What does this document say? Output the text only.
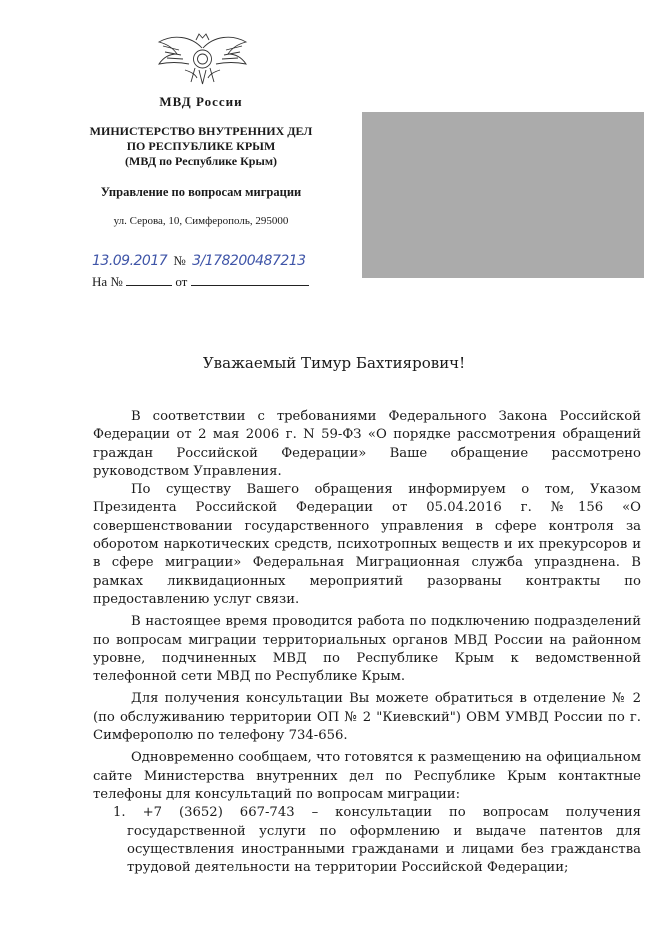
МВД России
МИНИСТЕРСТВО ВНУТРЕННИХ ДЕЛ
ПО РЕСПУБЛИКЕ КРЫМ
(МВД по Республике Крым)
Управление по вопросам миграции
ул. Серова, 10, Симферополь, 295000
13.09.2017 № 3/178200487213
На №	от
Уважаемый Тимур Бахтиярович!

В соответствии с требованиями Федерального Закона Российской Федерации от 2 мая 2006 г. N 59-ФЗ «О порядке рассмотрения обращений граждан Российской Федерации» Ваше обращение рассмотрено руководством Управления.

По существу Вашего обращения информируем о том, Указом Президента Российской Федерации от 05.04.2016 г. №156 «О совершенствовании государственного управления в сфере контроля за оборотом наркотических средств, психотропных веществ и их прекурсоров и в сфере миграции» Федеральная Миграционная служба упразднена. В рамках ликвидационных мероприятий разорваны контракты по предоставлению услуг связи.

В настоящее время проводится работа по подключению подразделений по вопросам миграции территориальных органов МВД России на районном уровне, подчиненных МВД по Республике Крым к ведомственной телефонной сети МВД по Республике Крым.

Для получения консультации Вы можете обратиться в отделение № 2 (по обслуживанию территории ОП № 2 "Киевский") ОВМ УМВД России по г. Симферополю по телефону 734-656.

Одновременно сообщаем, что готовятся к размещению на официальном сайте Министерства внутренних дел по Республике Крым контактные телефоны для консультаций по вопросам миграции:

1. +7 (3652) 667-743 – консультации по вопросам получения государственной услуги по оформлению и выдаче патентов для осуществления иностранными гражданами и лицами без гражданства трудовой деятельности на территории Российской Федерации;
